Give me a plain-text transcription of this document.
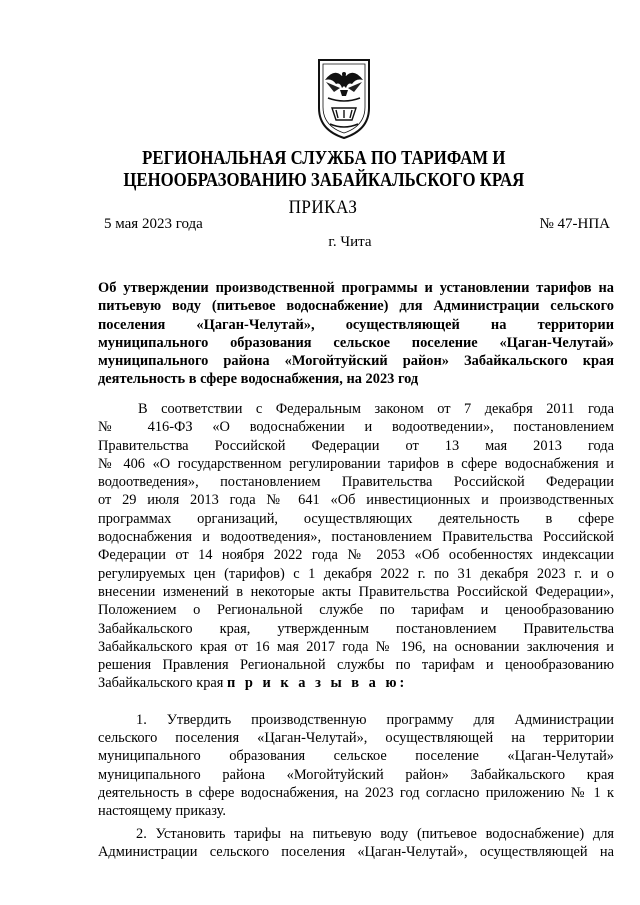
РЕГИОНАЛЬНАЯ СЛУЖБА ПО ТАРИФАМ И
ЦЕНООБРАЗОВАНИЮ ЗАБАЙКАЛЬСКОГО КРАЯ
ПРИКАЗ
5 мая 2023 года	№ 47-НПА
г. Чита
Об утверждении производственной программы и установлении тарифов на
питьевую воду (питьевое водоснабжение) для Администрации сельского
поселения «Цаган-Челутай», осуществляющей на территории
муниципального образования сельское поселение «Цаган-Челутай»
муниципального района «Могойтуйский район» Забайкальского края
деятельность в сфере водоснабжения, на 2023 год
В соответствии с Федеральным законом от 7 декабря 2011 года
№ 416-ФЗ «О водоснабжении и водоотведении», постановлением
Правительства Российской Федерации от 13 мая 2013 года
№ 406 «О государственном регулировании тарифов в сфере водоснабжения и
водоотведения», постановлением Правительства Российской Федерации
от 29 июля 2013 года № 641 «Об инвестиционных и производственных
программах организаций, осуществляющих деятельность в сфере
водоснабжения и водоотведения», постановлением Правительства Российской
Федерации от 14 ноября 2022 года № 2053 «Об особенностях индексации
регулируемых цен (тарифов) с 1 декабря 2022 г. по 31 декабря 2023 г. и о
внесении изменений в некоторые акты Правительства Российской Федерации»,
Положением о Региональной службе по тарифам и ценообразованию
Забайкальского края, утвержденным постановлением Правительства
Забайкальского края от 16 мая 2017 года № 196, на основании заключения и
решения Правления Региональной службы по тарифам и ценообразованию
Забайкальского края п р и к а з ы в а ю:
1. Утвердить производственную программу для Администрации
сельского поселения «Цаган-Челутай», осуществляющей на территории
муниципального образования сельское поселение «Цаган-Челутай»
муниципального района «Могойтуйский район» Забайкальского края
деятельность в сфере водоснабжения, на 2023 год согласно приложению № 1 к
настоящему приказу.
2. Установить тарифы на питьевую воду (питьевое водоснабжение) для
Администрации сельского поселения «Цаган-Челутай», осуществляющей на
